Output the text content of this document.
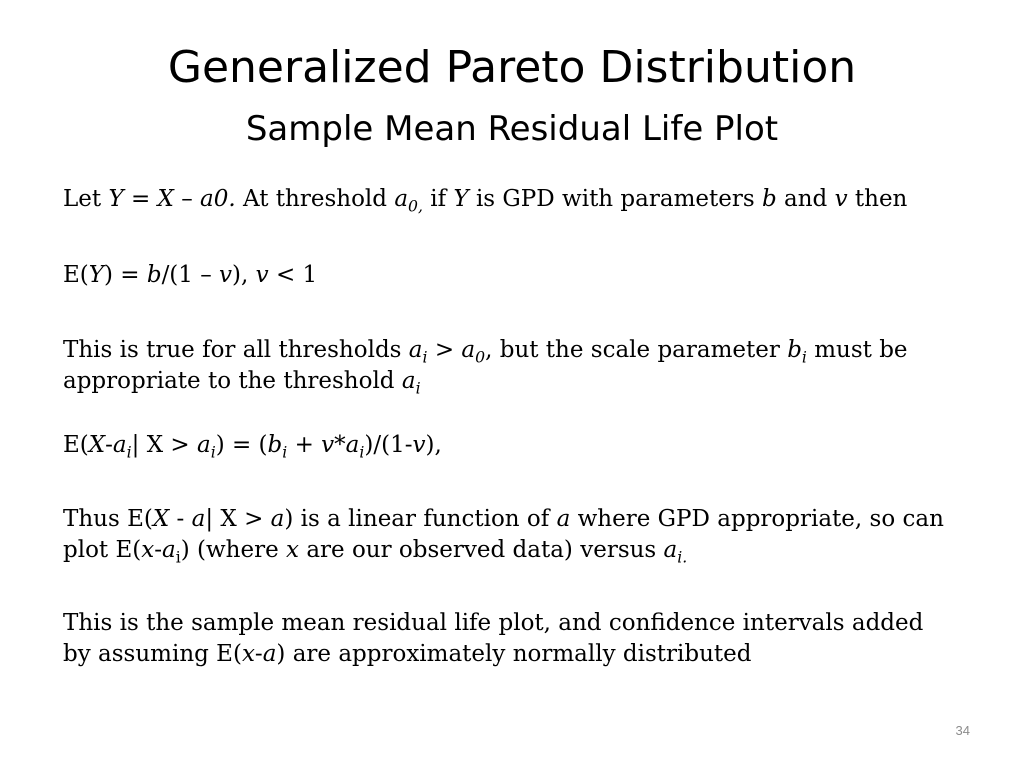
Generalized Pareto Distribution
Sample Mean Residual Life Plot

Let Y = X – a0. At threshold $a_{0,}$ if Y is GPD with parameters b and v then

E(Y) = b/(1 – v), v < 1

This is true for all thresholds $a_i > a_0$, but the scale parameter $b_i$ must be
appropriate to the threshold $a_i$

$E(X-a_i|$ $X > a_i) = (b_i + v*a_i)/(1-v)$,

Thus E(X - a| X > a) is a linear function of a where GPD appropriate, so can
plot $E(x-a_i)$ (where x are our observed data) versus $a_{i.}$

This is the sample mean residual life plot, and confidence intervals added
by assuming E(x-a) are approximately normally distributed

34
